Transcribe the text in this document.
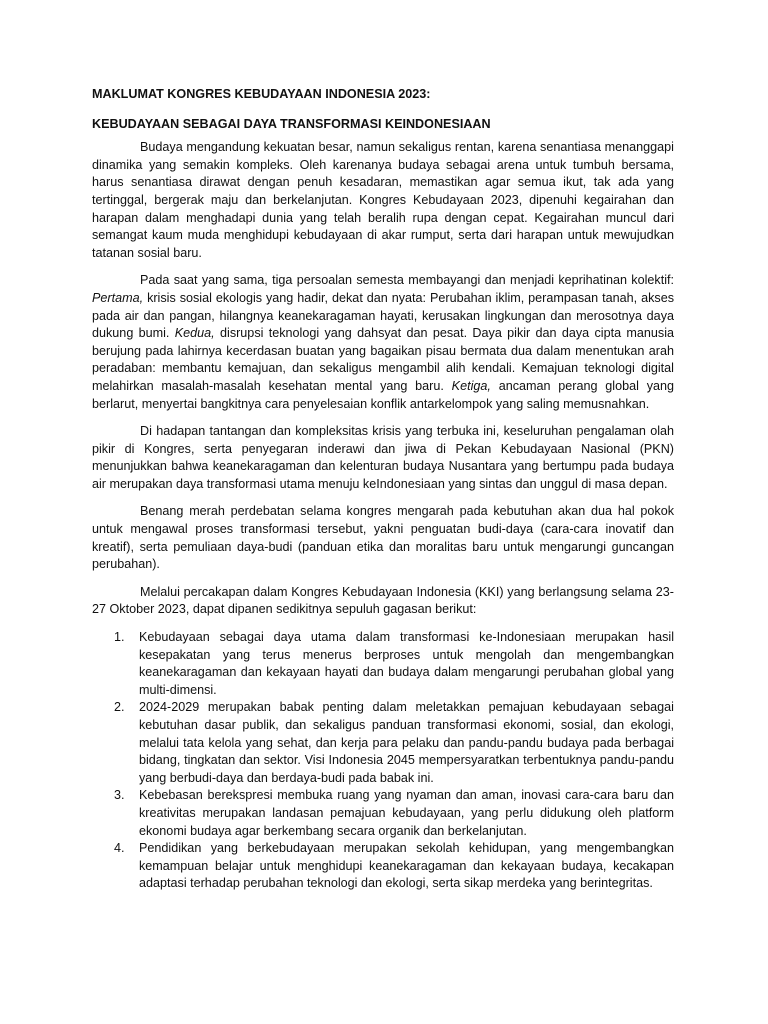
MAKLUMAT KONGRES KEBUDAYAAN INDONESIA 2023:

KEBUDAYAAN SEBAGAI DAYA TRANSFORMASI KEINDONESIAAN

Budaya mengandung kekuatan besar, namun sekaligus rentan, karena senantiasa menanggapi dinamika yang semakin kompleks. Oleh karenanya budaya sebagai arena untuk tumbuh bersama, harus senantiasa dirawat dengan penuh kesadaran, memastikan agar semua ikut, tak ada yang tertinggal, bergerak maju dan berkelanjutan. Kongres Kebudayaan 2023, dipenuhi kegairahan dan harapan dalam menghadapi dunia yang telah beralih rupa dengan cepat. Kegairahan muncul dari semangat kaum muda menghidupi kebudayaan di akar rumput, serta dari harapan untuk mewujudkan tatanan sosial baru.

Pada saat yang sama, tiga persoalan semesta membayangi dan menjadi keprihatinan kolektif: Pertama, krisis sosial ekologis yang hadir, dekat dan nyata: Perubahan iklim, perampasan tanah, akses pada air dan pangan, hilangnya keanekaragaman hayati, kerusakan lingkungan dan merosotnya daya dukung bumi. Kedua, disrupsi teknologi yang dahsyat dan pesat. Daya pikir dan daya cipta manusia berujung pada lahirnya kecerdasan buatan yang bagaikan pisau bermata dua dalam menentukan arah peradaban: membantu kemajuan, dan sekaligus mengambil alih kendali. Kemajuan teknologi digital melahirkan masalah-masalah kesehatan mental yang baru. Ketiga, ancaman perang global yang berlarut, menyertai bangkitnya cara penyelesaian konflik antarkelompok yang saling memusnahkan.

Di hadapan tantangan dan kompleksitas krisis yang terbuka ini, keseluruhan pengalaman olah pikir di Kongres, serta penyegaran inderawi dan jiwa di Pekan Kebudayaan Nasional (PKN) menunjukkan bahwa keanekaragaman dan kelenturan budaya Nusantara yang bertumpu pada budaya air merupakan daya transformasi utama menuju keIndonesiaan yang sintas dan unggul di masa depan.

Benang merah perdebatan selama kongres mengarah pada kebutuhan akan dua hal pokok untuk mengawal proses transformasi tersebut, yakni penguatan budi-daya (cara-cara inovatif dan kreatif), serta pemuliaan daya-budi (panduan etika dan moralitas baru untuk mengarungi guncangan perubahan).

Melalui percakapan dalam Kongres Kebudayaan Indonesia (KKI) yang berlangsung selama 23-27 Oktober 2023, dapat dipanen sedikitnya sepuluh gagasan berikut:

1. Kebudayaan sebagai daya utama dalam transformasi ke-Indonesiaan merupakan hasil kesepakatan yang terus menerus berproses untuk mengolah dan mengembangkan keanekaragaman dan kekayaan hayati dan budaya dalam mengarungi perubahan global yang multi-dimensi.
2. 2024-2029 merupakan babak penting dalam meletakkan pemajuan kebudayaan sebagai kebutuhan dasar publik, dan sekaligus panduan transformasi ekonomi, sosial, dan ekologi, melalui tata kelola yang sehat, dan kerja para pelaku dan pandu-pandu budaya pada berbagai bidang, tingkatan dan sektor. Visi Indonesia 2045 mempersyaratkan terbentuknya pandu-pandu yang berbudi-daya dan berdaya-budi pada babak ini.
3. Kebebasan berekspresi membuka ruang yang nyaman dan aman, inovasi cara-cara baru dan kreativitas merupakan landasan pemajuan kebudayaan, yang perlu didukung oleh platform ekonomi budaya agar berkembang secara organik dan berkelanjutan.
4. Pendidikan yang berkebudayaan merupakan sekolah kehidupan, yang mengembangkan kemampuan belajar untuk menghidupi keanekaragaman dan kekayaan budaya, kecakapan adaptasi terhadap perubahan teknologi dan ekologi, serta sikap merdeka yang berintegritas.
